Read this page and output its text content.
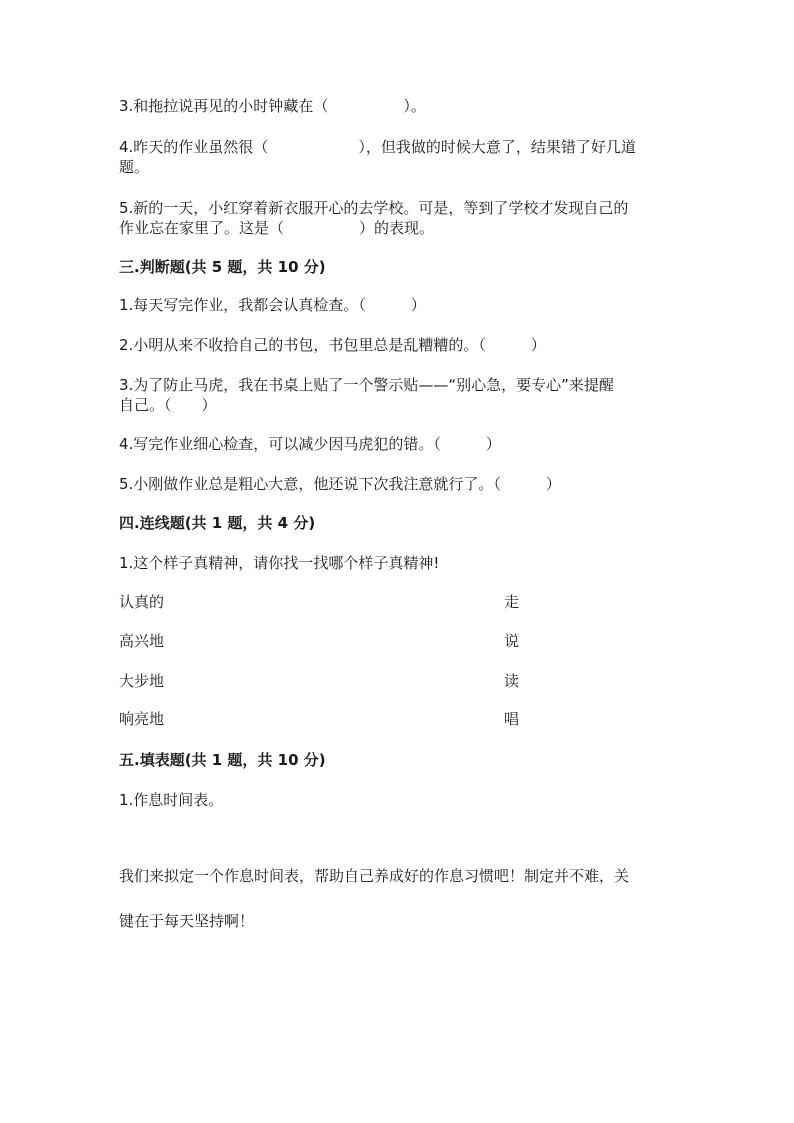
3.和拖拉说再见的小时钟藏在（　　　　　）。
4.昨天的作业虽然很（　　　　　　），但我做的时候大意了，结果错了好几道
题。
5.新的一天，小红穿着新衣服开心的去学校。可是，等到了学校才发现自己的
作业忘在家里了。这是（　　　　　）的表现。
三.判断题(共 5 题，共 10 分)
1.每天写完作业，我都会认真检查。（　　　）
2.小明从来不收拾自己的书包，书包里总是乱糟糟的。（　　　）
3.为了防止马虎，我在书桌上贴了一个警示贴——“别心急，要专心”来提醒
自己。（　　）
4.写完作业细心检查，可以减少因马虎犯的错。（　　　）
5.小刚做作业总是粗心大意，他还说下次我注意就行了。（　　　）
四.连线题(共 1 题，共 4 分)
1.这个样子真精神，请你找一找哪个样子真精神!
认真的	走
高兴地	说
大步地	读
响亮地	唱
五.填表题(共 1 题，共 10 分)
1.作息时间表。
我们来拟定一个作息时间表，帮助自己养成好的作息习惯吧！制定并不难，关
键在于每天坚持啊！
